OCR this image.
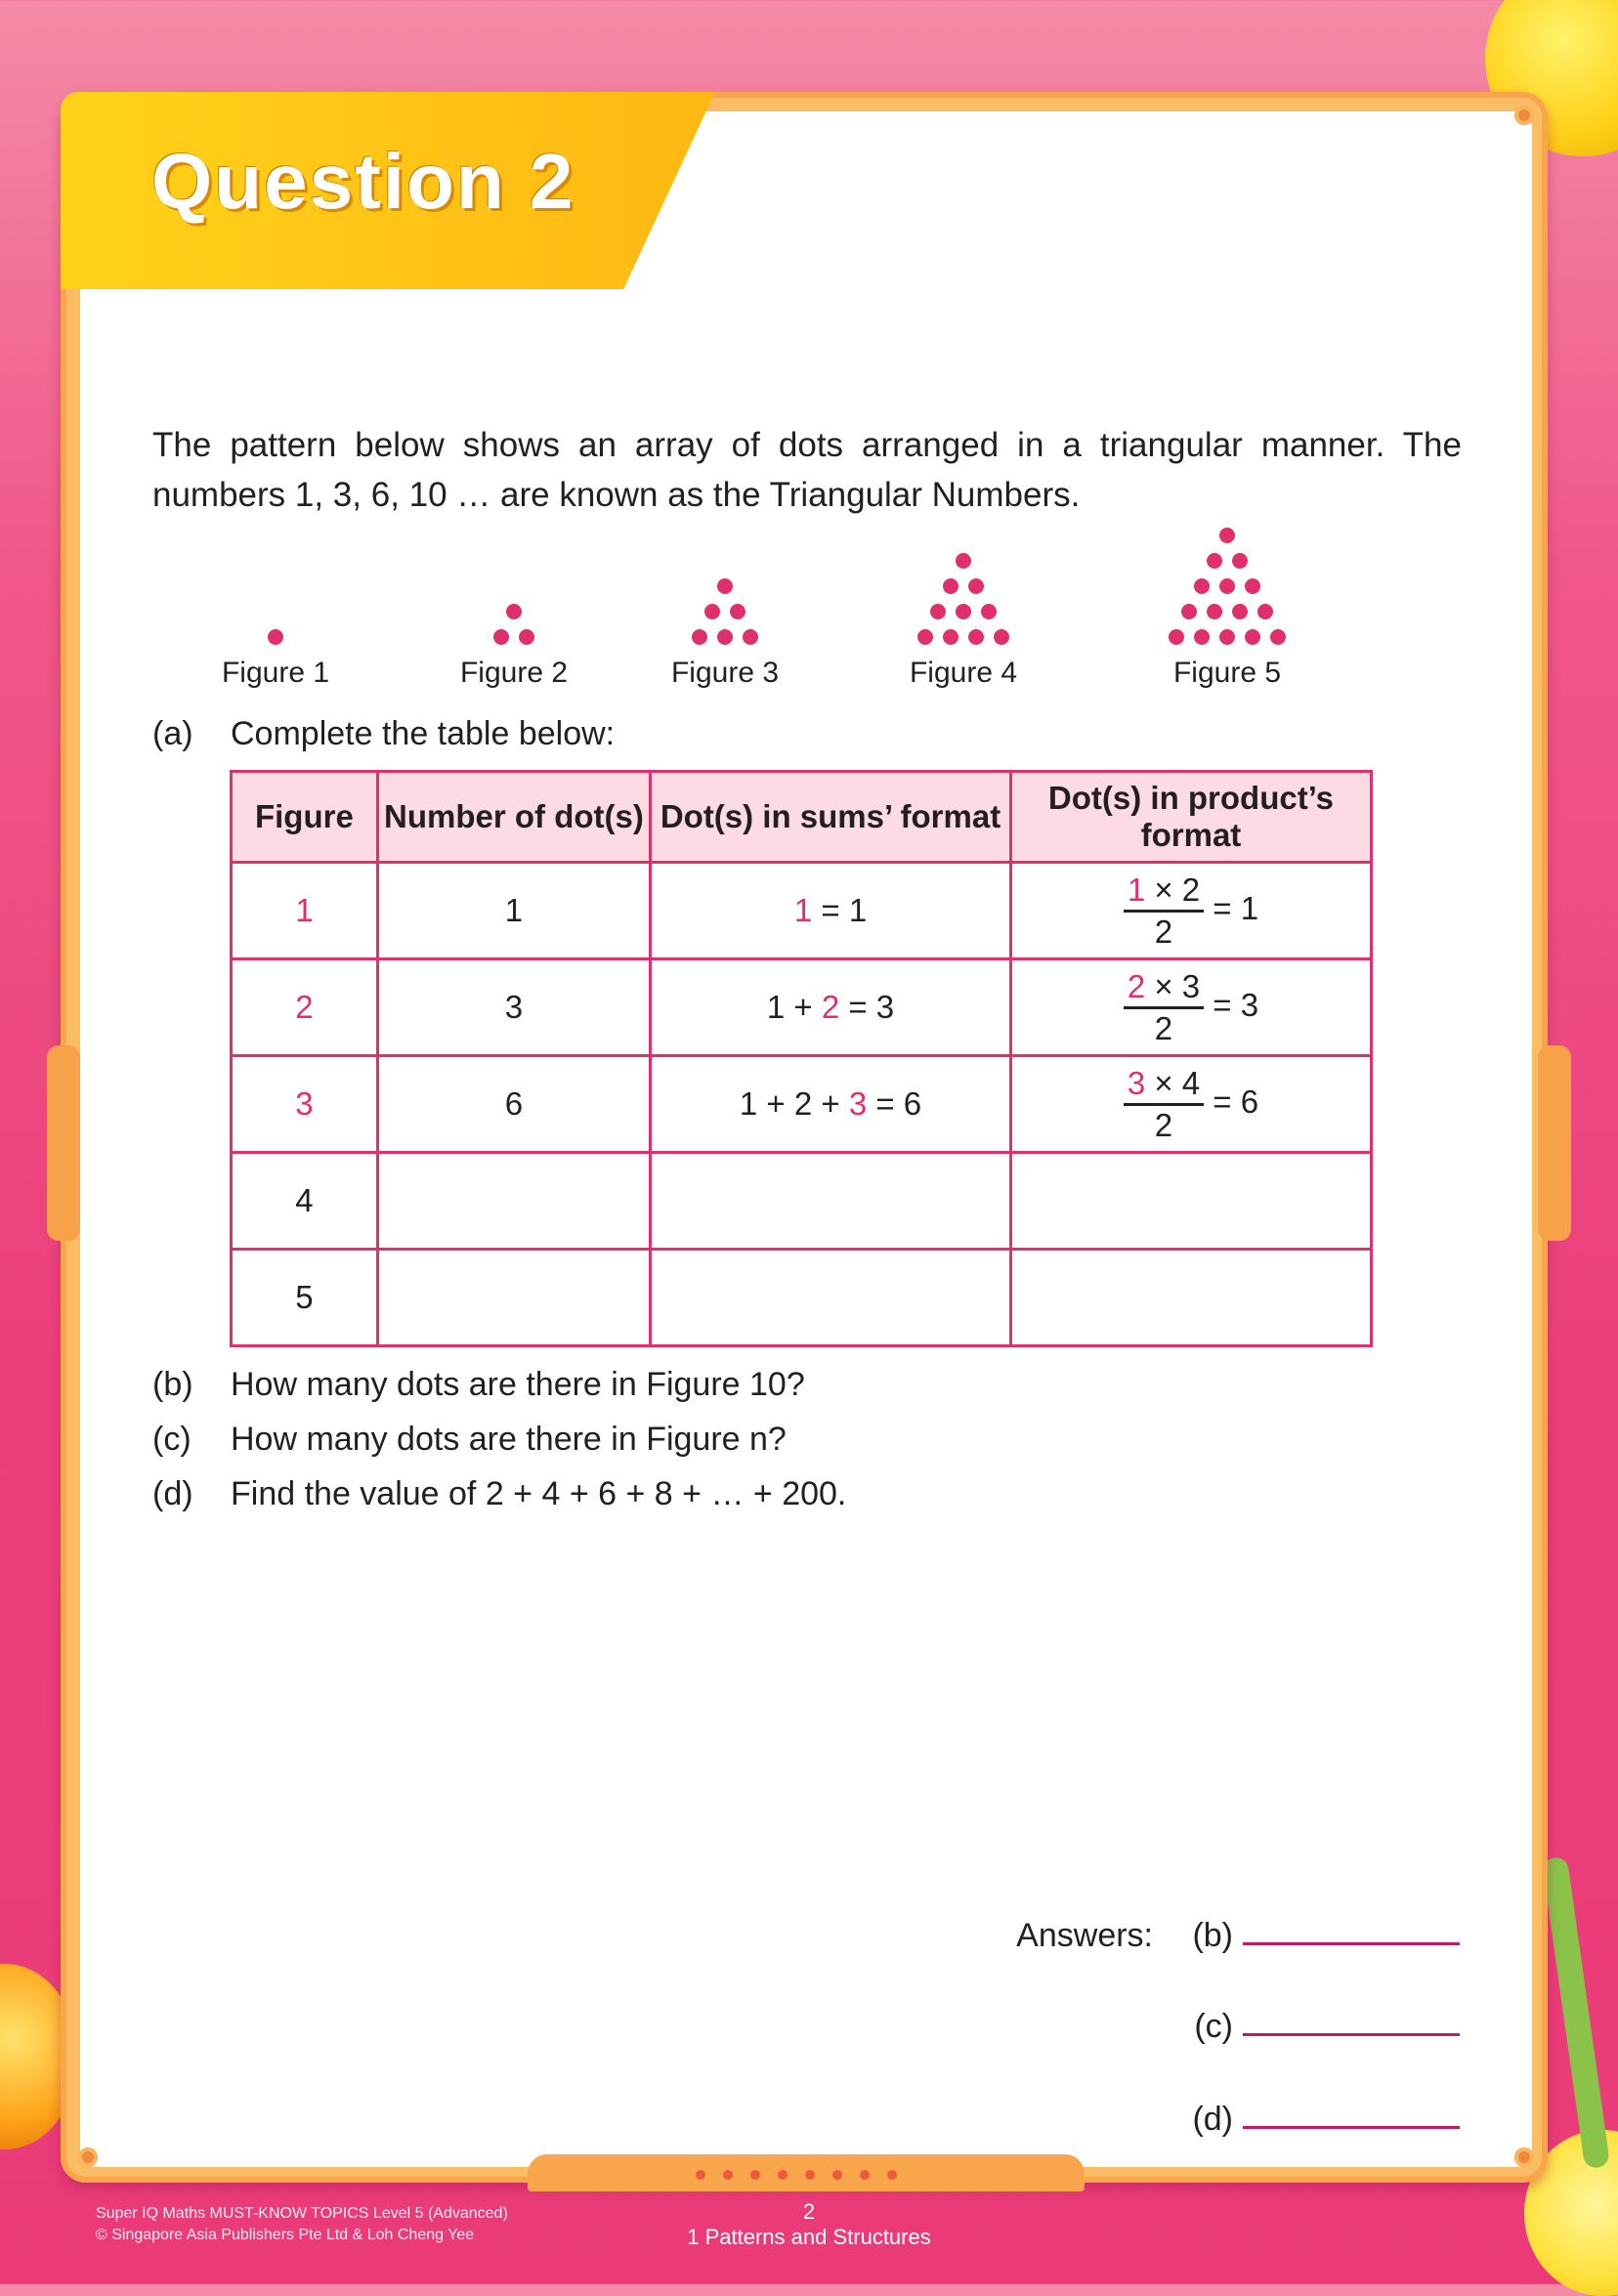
Question 2

The pattern below shows an array of dots arranged in a triangular manner. The numbers 1, 3, 6, 10 … are known as the Triangular Numbers.

Figure 1	Figure 2	Figure 3	Figure 4	Figure 5
(a) Complete the table below:
Figure	Number of dot(s)	Dot(s) in sums’ format	Dot(s) in product’s format
1	1	1 = 1	$\frac{1 \times 2}{2} = 1$
2	3	1 + 2 = 3	$\frac{2 \times 3}{2} = 3$
3	6	1 + 2 + 3 = 6	$\frac{3 \times 4}{2} = 6$
4			
5			
(b) How many dots are there in Figure 10?
(c) How many dots are there in Figure n?
(d) Find the value of 2 + 4 + 6 + 8 + … + 200.
Answers:	(b)
(c)
(d)
Super IQ Maths MUST-KNOW TOPICS Level 5 (Advanced)
© Singapore Asia Publishers Pte Ltd & Loh Cheng Yee
2
1 Patterns and Structures
